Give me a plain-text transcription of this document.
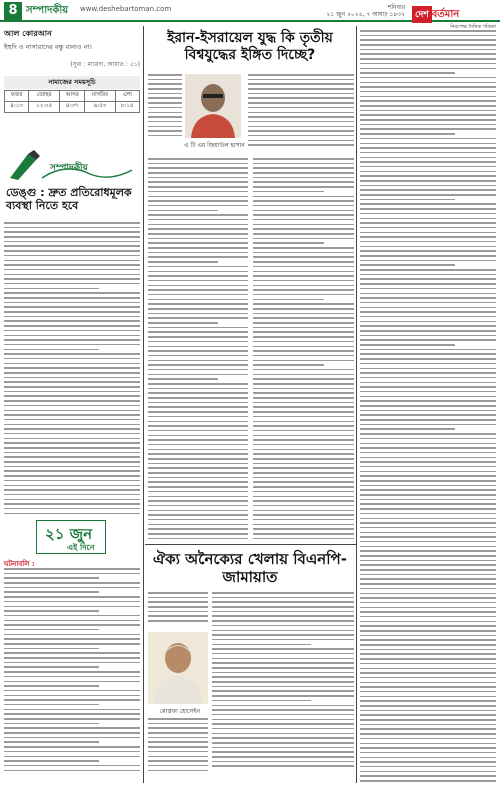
8 সম্পাদকীয় www.deshebartoman.com	শনিবার
২১ জুন ২০২৫, ৭ আষাঢ় ১৪৩২	দেশ বর্তমান
নিরপেক্ষ দৈনিক পত্রিকা
আল কোরআন
ইহুদি ও নাসারাদের বন্ধু বানাও না।
(সুরা : মায়েদা, আয়াত : ৫১)
নামাজের সময়সূচি
ফজর	জোহর	আসর	মাগরিব	এশা
৪:১৩	১২:০৫	৪:৩৭	৬:৫৩	৮:১৫
সম্পাদকীয়
ডেঙ্গু : দ্রুত প্রতিরোধমূলক ব্যবস্থা নিতে হবে
২১ জুন
এই দিনে
ঘটনাবলি :
ইরান-ইসরায়েল যুদ্ধ কি তৃতীয় বিশ্বযুদ্ধের ইঙ্গিত দিচ্ছে?
এ টি এম জিয়াউল হাসান
ঐক্য অনৈক্যের খেলায় বিএনপি-জামায়াত
মোস্তফা হোসেইন
